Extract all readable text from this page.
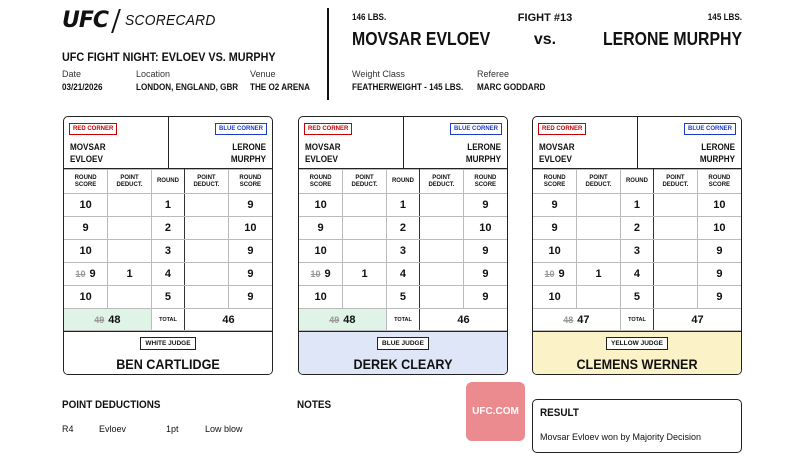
UFC SCORECARD
UFC FIGHT NIGHT: EVLOEV VS. MURPHY
Date
03/21/2026
Location
LONDON, ENGLAND, GBR
Venue
THE O2 ARENA
146 LBS.
MOVSAR EVLOEV
FIGHT #13
vs.
145 LBS.
LERONE MURPHY
Weight Class
FEATHERWEIGHT - 145 LBS.
Referee
MARC GODDARD
RED CORNER	BLUE CORNER
MOVSAR
EVLOEV
LERONE
MURPHY
ROUND SCORE	POINT DEDUCT.	ROUND	POINT DEDUCT.	ROUND SCORE
10		1		9
9		2		10
10		3		9
10 9	1	4		9
10		5		9
49 48		TOTAL	46	
WHITE JUDGE
BEN CARTLIDGE
RED CORNER	BLUE CORNER
MOVSAR
EVLOEV
LERONE
MURPHY
ROUND SCORE	POINT DEDUCT.	ROUND	POINT DEDUCT.	ROUND SCORE
10		1		9
9		2		10
10		3		9
10 9	1	4		9
10		5		9
49 48		TOTAL	46	
BLUE JUDGE
DEREK CLEARY
RED CORNER	BLUE CORNER
MOVSAR
EVLOEV
LERONE
MURPHY
ROUND SCORE	POINT DEDUCT.	ROUND	POINT DEDUCT.	ROUND SCORE
9		1		10
9		2		10
10		3		9
10 9	1	4		9
10		5		9
48 47		TOTAL	47	
YELLOW JUDGE
CLEMENS WERNER
POINT DEDUCTIONS
R4	Evloev	1pt	Low blow
NOTES
UFC.COM	RESULT
Movsar Evloev won by Majority Decision
